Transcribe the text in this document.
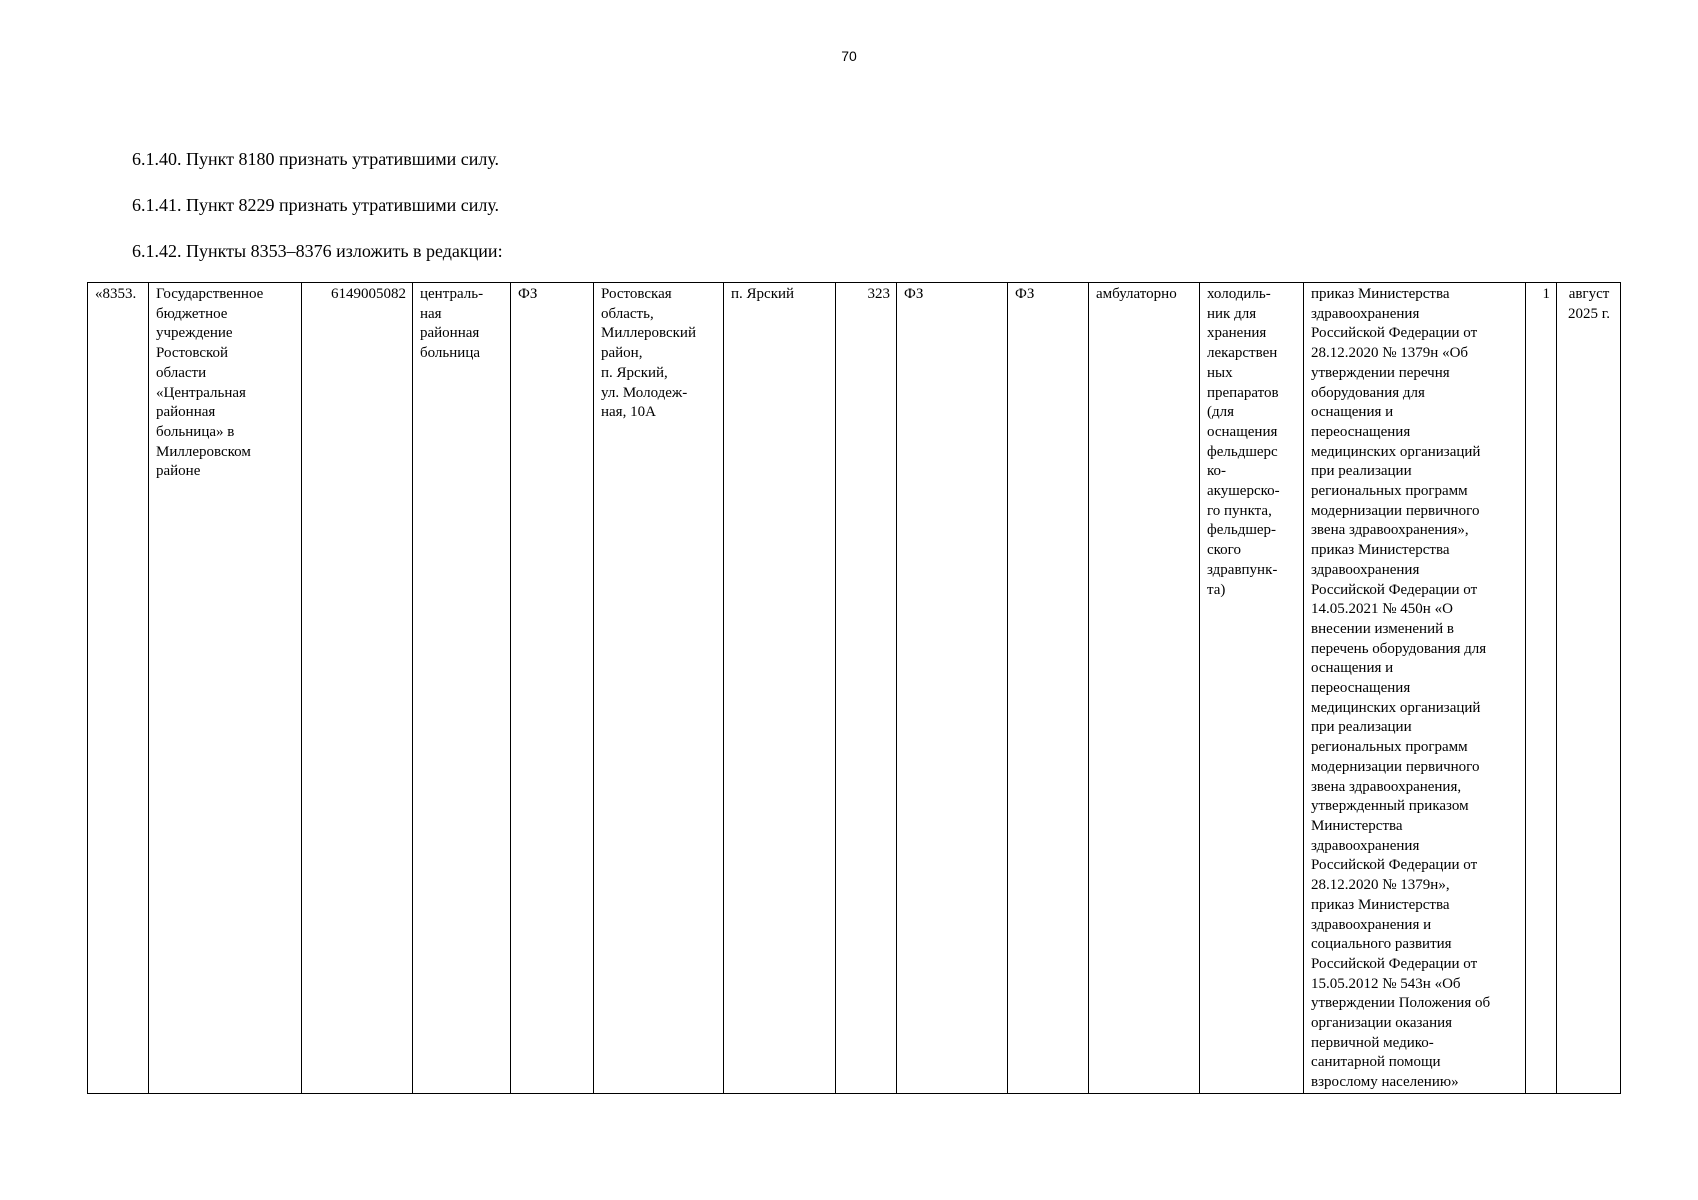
70
6.1.40. Пункт 8180 признать утратившими силу.
6.1.41. Пункт 8229 признать утратившими силу.
6.1.42. Пункты 8353–8376 изложить в редакции:
«8353.	Государственное
бюджетное
учреждение
Ростовской
области
«Центральная
районная
больница» в
Миллеровском
районе
	6149005082	централь-
ная
районная
больница
	ФЗ	Ростовская
область,
Миллеровский
район,
п. Ярский,
ул. Молодеж-
ная, 10А
	п. Ярский	323	ФЗ	ФЗ	амбулаторно	холодиль-
ник для
хранения
лекарствен
ных
препаратов
(для
оснащения
фельдшерс
ко-
акушерско-
го пункта,
фельдшер-
ского
здравпунк-
та)

приказ Министерства
здравоохранения
Российской Федерации от
28.12.2020 № 1379н «Об
утверждении перечня
оборудования для
оснащения и
переоснащения
медицинских организаций
при реализации
региональных программ
модернизации первичного
звена здравоохранения»,
приказ Министерства
здравоохранения
Российской Федерации от
14.05.2021 № 450н «О
внесении изменений в
перечень оборудования для
оснащения и
переоснащения
медицинских организаций
при реализации
региональных программ
модернизации первичного
звена здравоохранения,
утвержденный приказом
Министерства
здравоохранения
Российской Федерации от
28.12.2020 № 1379н»,
приказ Министерства
здравоохранения и
социального развития
Российской Федерации от
15.05.2012 № 543н «Об
утверждении Положения об
организации оказания
первичной медико-
санитарной помощи
взрослому населению»
	1	август
2025 г.
